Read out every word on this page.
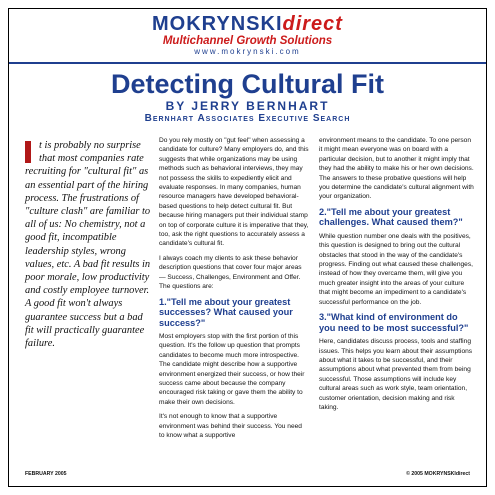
MOKRYNSKIdirect
Multichannel Growth Solutions
www.mokrynski.com
Detecting Cultural Fit
BY JERRY BERNHART
Bernhart Associates Executive Search
t is probably no surprise that most companies rate recruiting for "cultural fit" as an essential part of the hiring process. The frustrations of "culture clash" are familiar to all of us: No chemistry, not a good fit, incompatible leadership styles, wrong values, etc. A bad fit results in poor morale, low productivity and costly employee turnover. A good fit won't always guarantee success but a bad fit will practically guarantee failure.

Do you rely mostly on "gut feel" when assessing a candidate for culture? Many employers do, and this suggests that while organizations may be using methods such as behavioral interviews, they may not possess the skills to expediently elicit and evaluate responses. In many companies, human resource managers have developed behavioral-based questions to help detect cultural fit. But because hiring managers put their individual stamp on top of corporate culture it is imperative that they, too, ask the right questions to accurately assess a candidate's cultural fit.

I always coach my clients to ask these behavior description questions that cover four major areas — Success, Challenges, Environment and Offer. The questions are:

1."Tell me about your greatest successes? What caused your success?"

Most employers stop with the first portion of this question. It's the follow up question that prompts candidates to become much more introspective. The candidate might describe how a supportive environment energized their success, or how their success came about because the company encouraged risk taking or gave them the ability to make their own decisions.

It's not enough to know that a supportive environment was behind their success. You need to know what a supportive

environment means to the candidate. To one person it might mean everyone was on board with a particular decision, but to another it might imply that they had the ability to make his or her own decisions. The answers to these probative questions will help you determine the candidate's cultural alignment with your organization.

2."Tell me about your greatest challenges. What caused them?"

While question number one deals with the positives, this question is designed to bring out the cultural obstacles that stood in the way of the candidate's progress. Finding out what caused these challenges, instead of how they overcame them, will give you much greater insight into the areas of your culture that might become an impediment to a candidate's successful performance on the job.

3."What kind of environment do you need to be most successful?"

Here, candidates discuss process, tools and staffing issues. This helps you learn about their assumptions about what it takes to be successful, and their assumptions about what prevented them from being successful. Those assumptions will include key cultural areas such as work style, team orientation, customer orientation, decision making and risk taking.

FEBRUARY 2005	© 2005 MOKRYNSKIdirect
